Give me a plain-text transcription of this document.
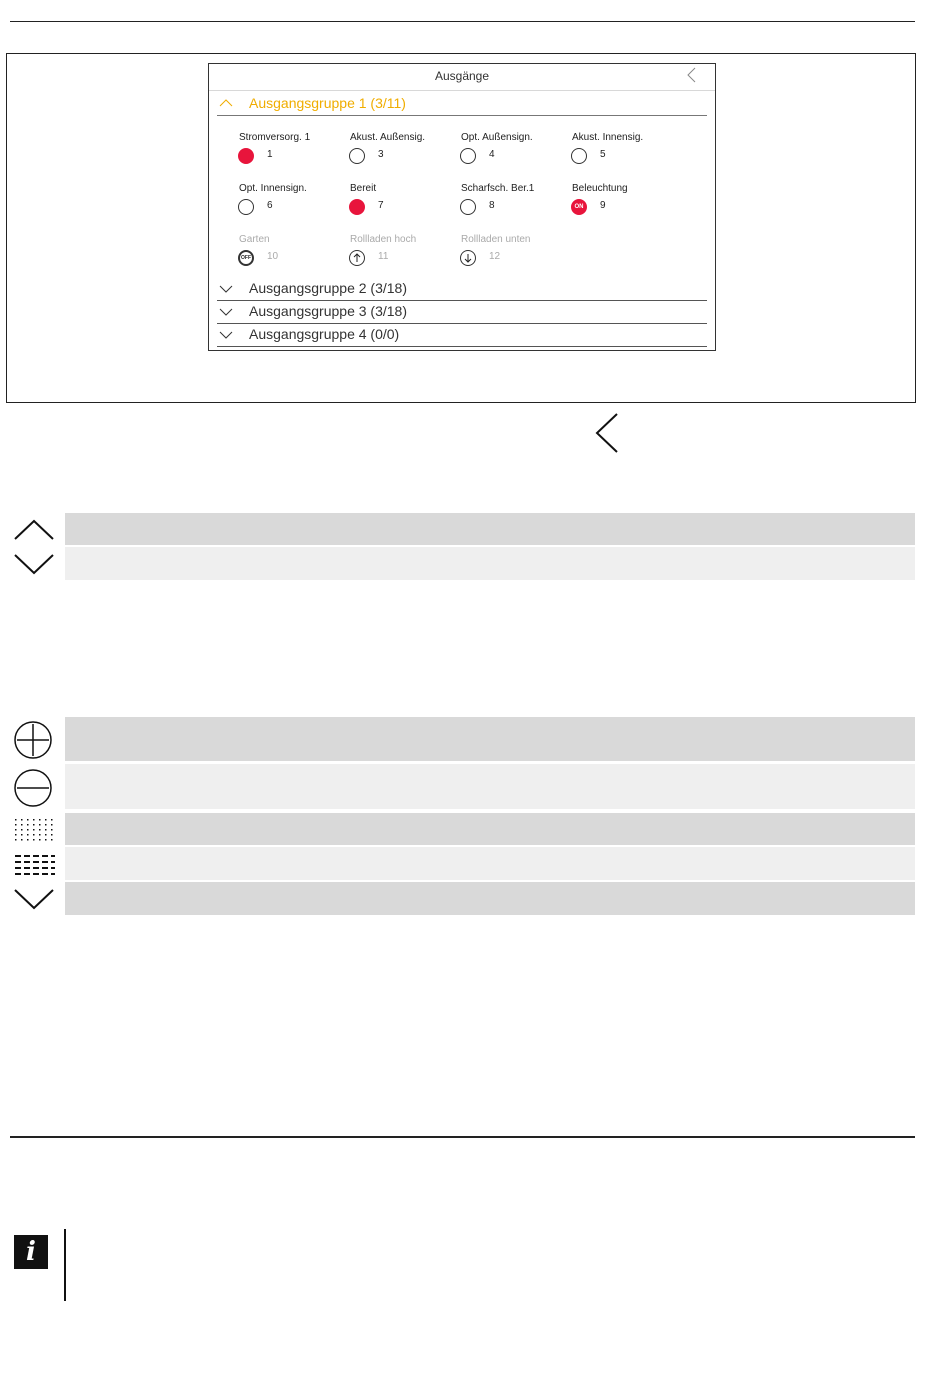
Ausgänge
Ausgangsgruppe 1 (3/11)
Stromversorg. 1
1
Akust. Außensig.
3
Opt. Außensign.
4
Akust. Innensig.
5
Opt. Innensign.
6
Bereit
7
Scharfsch. Ber.1
8
Beleuchtung
ON	9
Garten
OFF	10
Rollladen hoch
11
Rollladen unten
12
Ausgangsgruppe 2 (3/18)
Ausgangsgruppe 3 (3/18)
Ausgangsgruppe 4 (0/0)
i
